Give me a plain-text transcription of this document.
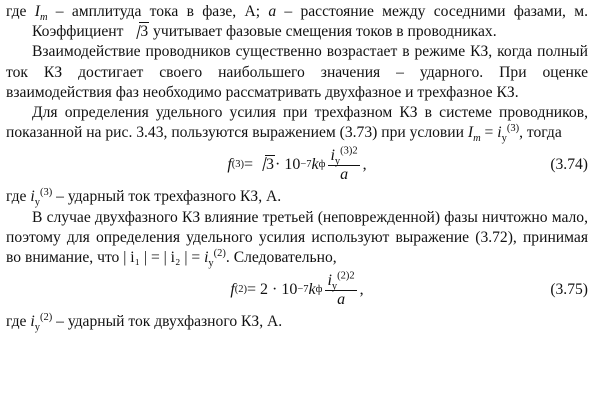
где $I_m$ – амплитуда тока в фазе, А; a – расстояние между соседними фазами, м.

Коэффициент 3 учитывает фазовые смещения токов в проводниках.

Взаимодействие проводников существенно возрастает в режиме КЗ, когда полный ток КЗ достигает своего наибольшего значения – ударного. При оценке взаимодействия фаз необходимо рассматривать двухфазное и трехфазное КЗ.

Для определения удельного усилия при трехфазном КЗ в системе проводников, показанной на рис. 3.43, пользуются выражением (3.73) при условии $I_m = i_у^{(3)}$, тогда

f (3) = 3 · 10 −7 k ф $\frac{i_у^{(3)2}}{a}$ ,	(3.74)

где $i_у^{(3)}$ – ударный ток трехфазного КЗ, А.

В случае двухфазного КЗ влияние третьей (неповрежденной) фазы ничтожно мало, поэтому для определения удельного усилия используют выражение (3.72), принимая во внимание, что | i₁ | = | i₂ | = $i_у^{(2)}$. Следовательно,

f (2) = 2 · 10 −7 k ф $\frac{i_у^{(2)2}}{a}$ ,	(3.75)

где $i_у^{(2)}$ – ударный ток двухфазного КЗ, А.
